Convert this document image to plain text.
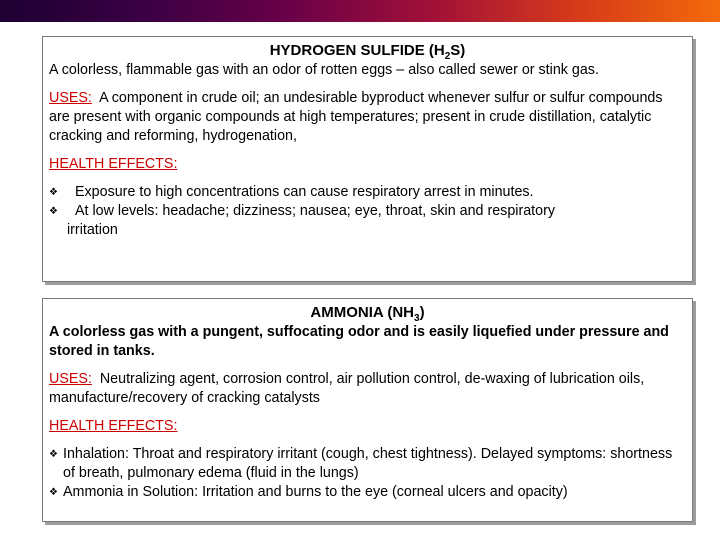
HYDROGEN SULFIDE $(H_2S)$

A colorless, flammable gas with an odor of rotten eggs – also called sewer or stink gas.

USES: A component in crude oil; an undesirable byproduct whenever sulfur or sulfur compounds are present with organic compounds at high temperatures; present in crude distillation, catalytic cracking and reforming, hydrogenation,

HEALTH EFFECTS:

❖ Exposure to high concentrations can cause respiratory arrest in minutes.
❖ At low levels: headache; dizziness; nausea; eye, throat, skin and respiratory
irritation
AMMONIA $(NH_3)$

A colorless gas with a pungent, suffocating odor and is easily liquefied under pressure and stored in tanks.

USES: Neutralizing agent, corrosion control, air pollution control, de-waxing of lubrication oils, manufacture/recovery of cracking catalysts

HEALTH EFFECTS:

❖ Inhalation: Throat and respiratory irritant (cough, chest tightness). Delayed symptoms: shortness of breath, pulmonary edema (fluid in the lungs)
❖ Ammonia in Solution: Irritation and burns to the eye (corneal ulcers and opacity)
